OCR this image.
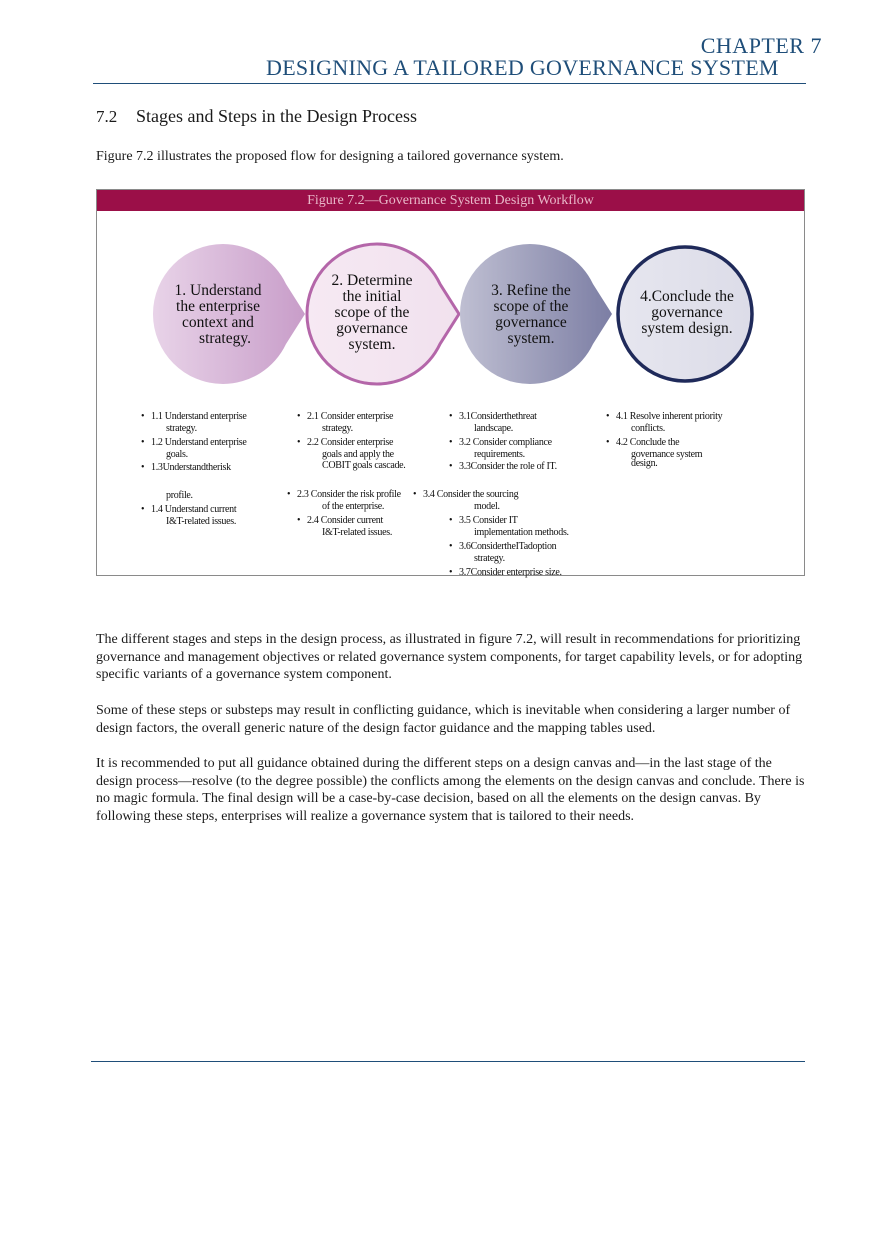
CHAPTER 7
DESIGNING A TAILORED GOVERNANCE SYSTEM
7.2 Stages and Steps in the Design Process
Figure 7.2 illustrates the proposed flow for designing a tailored governance system.
Figure 7.2—Governance System Design Workflow
1. Understand
the enterprise
context and
strategy.
2. Determine
the initial
scope of the
governance
system.
3. Refine the
scope of the
governance
system.
4.Conclude the
governance
system design.
• 1.1 Understand enterprise
strategy.
• 1.2 Understand enterprise
goals.
• 1.3Understandtherisk
profile.
• 1.4 Understand current
I&T-related issues.
• 2.1 Consider enterprise
strategy.
• 2.2 Consider enterprise
goals and apply the
COBIT goals cascade.
• 2.3 Consider the risk profile
of the enterprise.
• 2.4 Consider current
I&T-related issues.
• 3.1Considerthethreat
landscape.
• 3.2 Consider compliance
requirements.
• 3.3Consider the role of IT.
• 3.4 Consider the sourcing
model.
• 3.5 Consider IT
implementation methods.
• 3.6ConsidertheITadoption
strategy.
• 3.7Consider enterprise size.
• 4.1 Resolve inherent priority
conflicts.
• 4.2 Conclude the
governance system
design.
The different stages and steps in the design process, as illustrated in figure 7.2, will result in recommendations for prioritizing governance and management objectives or related governance system components, for target capability levels, or for adopting specific variants of a governance system component.
Some of these steps or substeps may result in conflicting guidance, which is inevitable when considering a larger number of design factors, the overall generic nature of the design factor guidance and the mapping tables used.
It is recommended to put all guidance obtained during the different steps on a design canvas and—in the last stage of the design process—resolve (to the degree possible) the conflicts among the elements on the design canvas and conclude. There is no magic formula. The final design will be a case-by-case decision, based on all the elements on the design canvas. By following these steps, enterprises will realize a governance system that is tailored to their needs.
